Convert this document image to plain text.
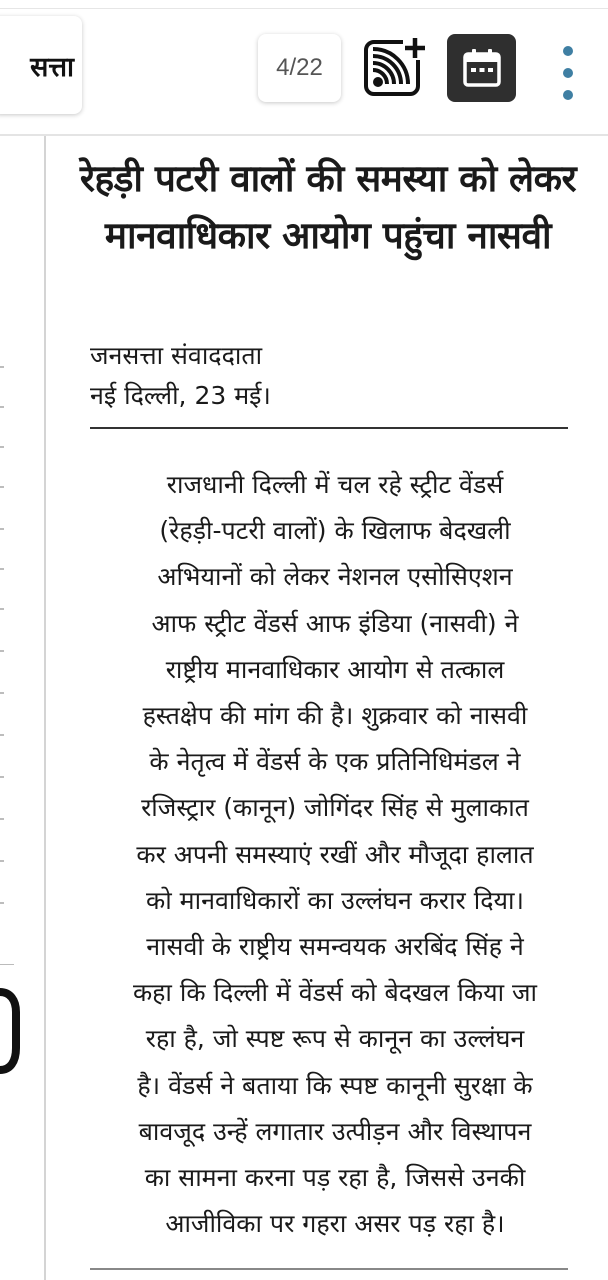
सत्ता	4/22
रेहड़ी पटरी वालों की समस्या को लेकर मानवाधिकार आयोग पहुंचा नासवी
जनसत्ता संवाददाता
नई दिल्ली, 23 मई।
राजधानी दिल्ली में चल रहे स्ट्रीट वेंडर्स
(रेहड़ी-पटरी वालों) के खिलाफ बेदखली
अभियानों को लेकर नेशनल एसोसिएशन
आफ स्ट्रीट वेंडर्स आफ इंडिया (नासवी) ने
राष्ट्रीय मानवाधिकार आयोग से तत्काल
हस्तक्षेप की मांग की है। शुक्रवार को नासवी
के नेतृत्व में वेंडर्स के एक प्रतिनिधिमंडल ने
रजिस्ट्रार (कानून) जोगिंदर सिंह से मुलाकात
कर अपनी समस्याएं रखीं और मौजूदा हालात
को मानवाधिकारों का उल्लंघन करार दिया।
नासवी के राष्ट्रीय समन्वयक अरबिंद सिंह ने
कहा कि दिल्ली में वेंडर्स को बेदखल किया जा
रहा है, जो स्पष्ट रूप से कानून का उल्लंघन
है। वेंडर्स ने बताया कि स्पष्ट कानूनी सुरक्षा के
बावजूद उन्हें लगातार उत्पीड़न और विस्थापन
का सामना करना पड़ रहा है, जिससे उनकी
आजीविका पर गहरा असर पड़ रहा है।
